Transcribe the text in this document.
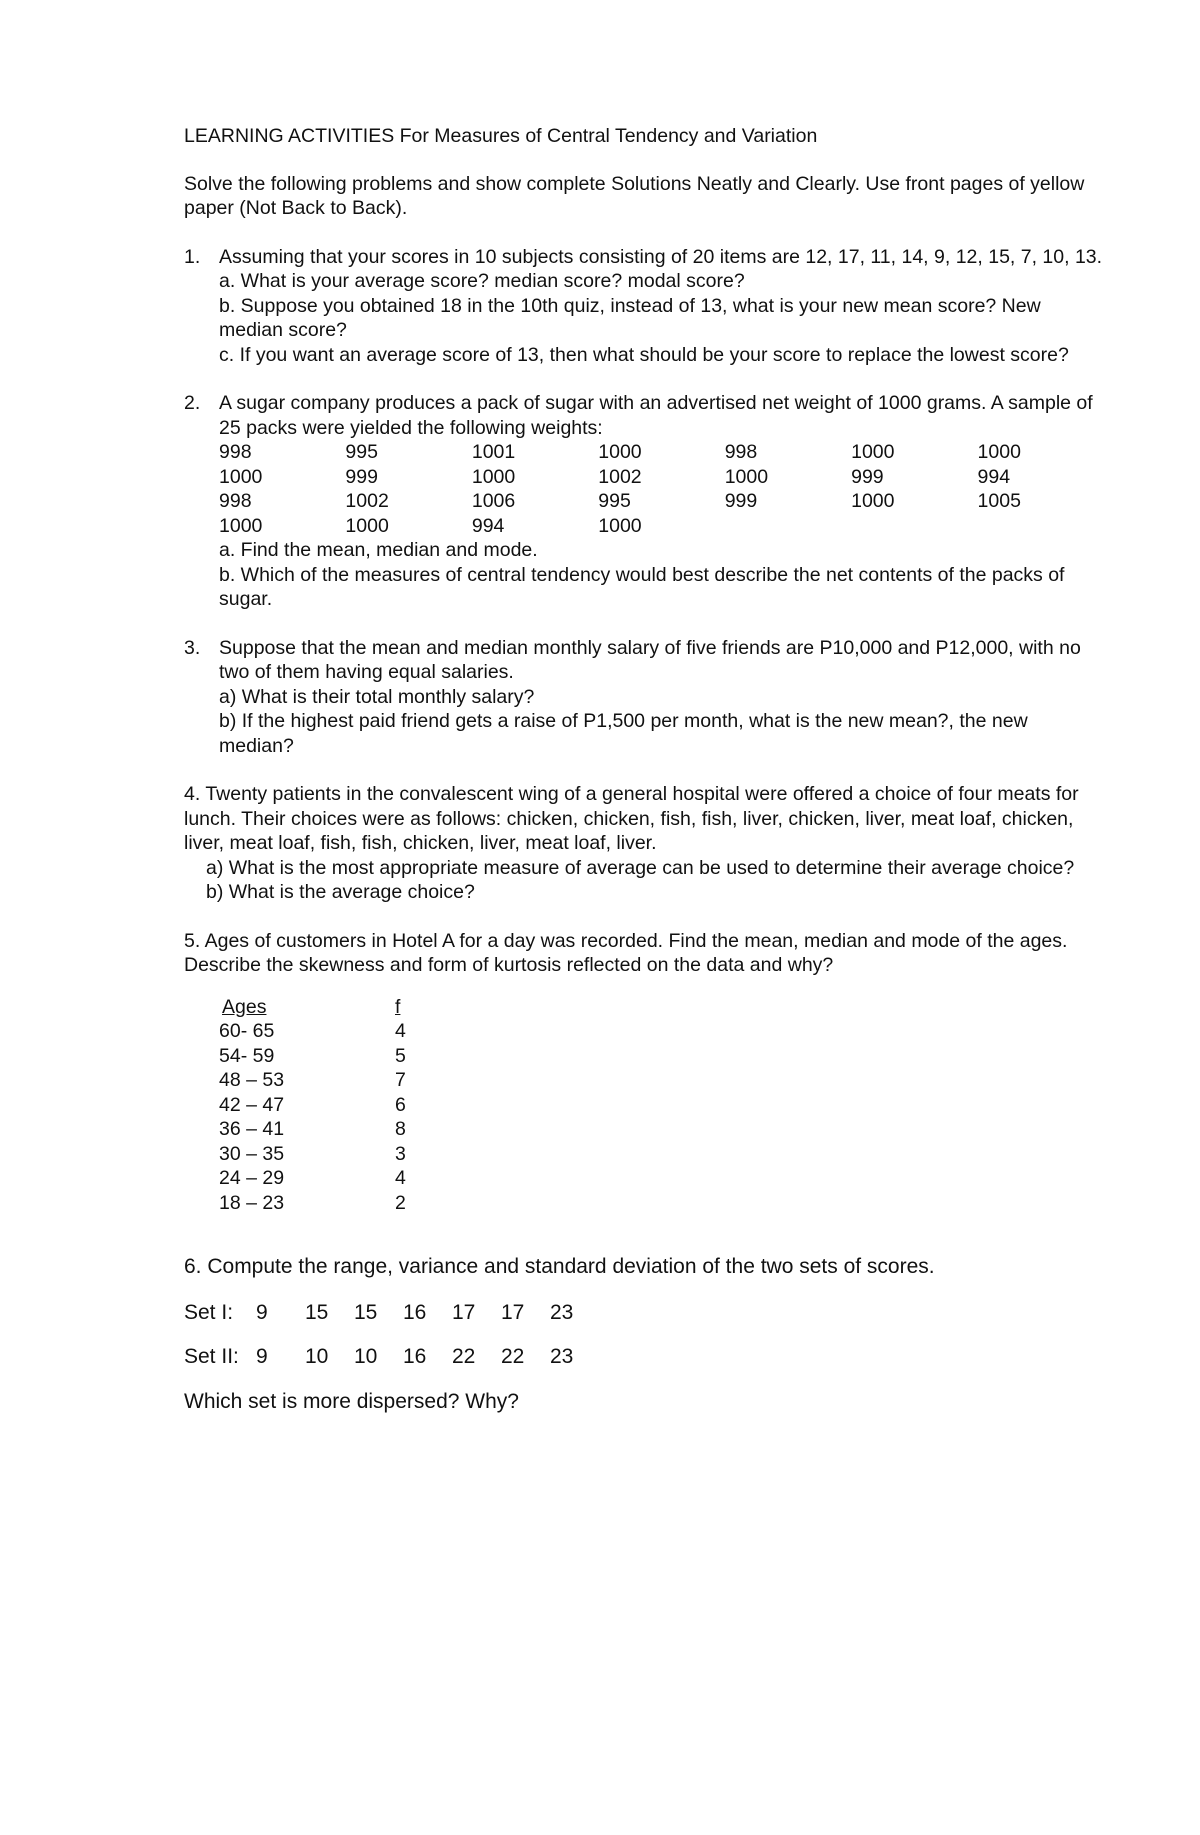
LEARNING ACTIVITIES For Measures of Central Tendency and Variation

Solve the following problems and show complete Solutions Neatly and Clearly. Use front pages of yellow paper (Not Back to Back).

1. Assuming that your scores in 10 subjects consisting of 20 items are 12, 17, 11, 14, 9, 12, 15, 7, 10, 13.

a. What is your average score? median score? modal score?

b. Suppose you obtained 18 in the 10th quiz, instead of 13, what is your new mean score? New median score?

c. If you want an average score of 13, then what should be your score to replace the lowest score?

2. A sugar company produces a pack of sugar with an advertised net weight of 1000 grams. A sample of 25 packs were yielded the following weights:

998	995	1001	1000	998	1000	1000
1000	999	1000	1002	1000	999	994
998	1002	1006	995	999	1000	1005
1000	1000	994	1000			

a. Find the mean, median and mode.

b. Which of the measures of central tendency would best describe the net contents of the packs of sugar.

3. Suppose that the mean and median monthly salary of five friends are P10,000 and P12,000, with no two of them having equal salaries.

a) What is their total monthly salary?

b) If the highest paid friend gets a raise of P1,500 per month, what is the new mean?, the new median?

4. Twenty patients in the convalescent wing of a general hospital were offered a choice of four meats for lunch. Their choices were as follows: chicken, chicken, fish, fish, liver, chicken, liver, meat loaf, chicken, liver, meat loaf, fish, fish, chicken, liver, meat loaf, liver.

a) What is the most appropriate measure of average can be used to determine their average choice?

b) What is the average choice?

5. Ages of customers in Hotel A for a day was recorded. Find the mean, median and mode of the ages. Describe the skewness and form of kurtosis reflected on the data and why?

Ages	f
60- 65	4
54- 59	5
48 – 53	7
42 – 47	6
36 – 41	8
30 – 35	3
24 – 29	4
18 – 23	2

6. Compute the range, variance and standard deviation of the two sets of scores.

Set I:	9	15	15	16	17	17	23
Set II:	9	10	10	16	22	22	23

Which set is more dispersed? Why?
